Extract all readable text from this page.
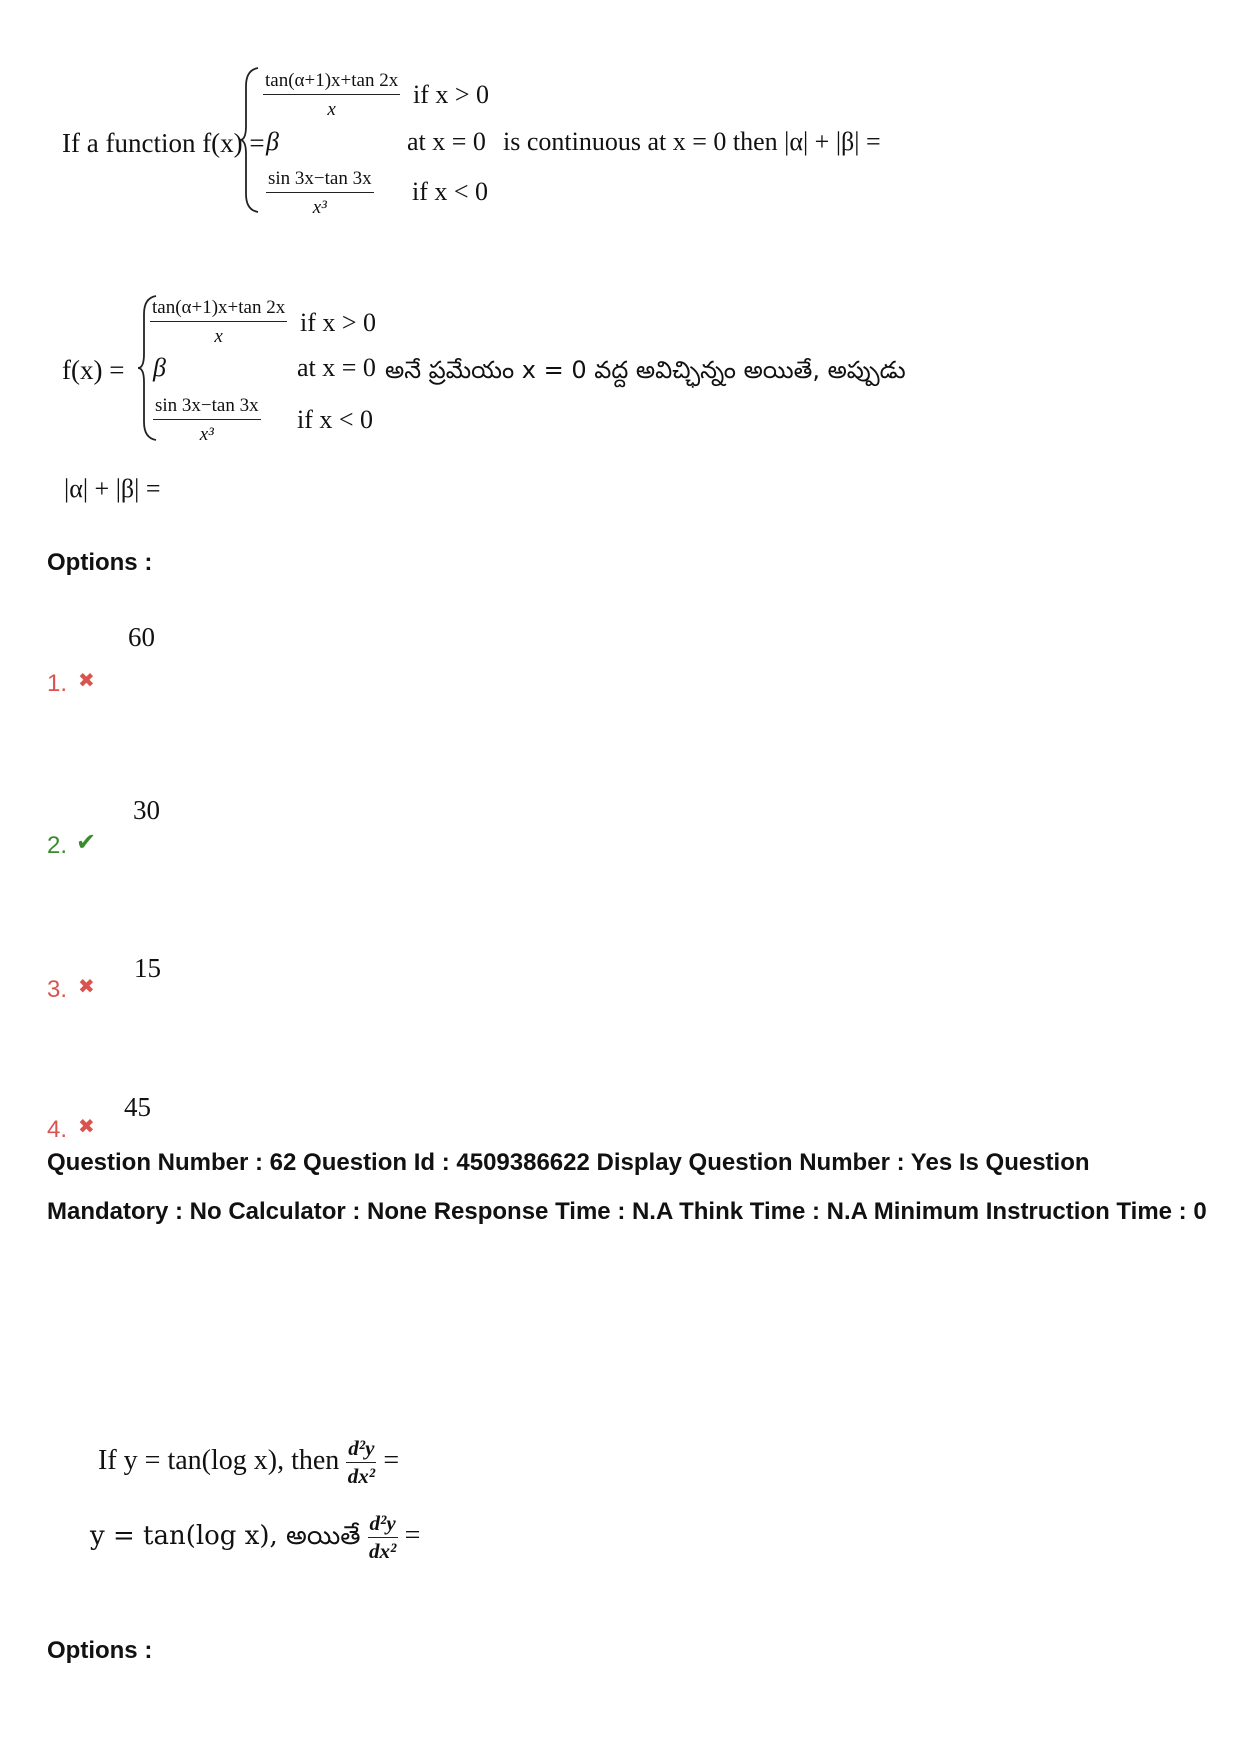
If a function f(x) =
$\frac{\tan(\alpha+1)x+\tan 2x}{x}$ if x > 0
β	at x = 0
$\frac{\sin 3x-\tan 3x}{\text{x³}}$ if x < 0
is continuous at x = 0 then |α| + |β| =
f(x) =
$\frac{\tan(\alpha+1)x+\tan 2x}{x}$ if x > 0
β	at x = 0
$\frac{\sin 3x-\tan 3x}{\text{x³}}$ if x < 0
అనే ప్రమేయం x = 0 వద్ద అవిచ్ఛిన్నం అయితే, అప్పుడు
|α| + |β| =
Options :
60
1. ✖
30
2. ✔
15
3. ✖
45
4. ✖
Question Number : 62 Question Id : 4509386622 Display Question Number : Yes Is Question Mandatory : No Calculator : None Response Time : N.A Think Time : N.A Minimum Instruction Time : 0
If y = tan(log x), then $\frac{\text{d²y}}{\text{dx²}}$ =
y = tan(log x), అయితే $\frac{\text{d²y}}{\text{dx²}}$ =
Options :
